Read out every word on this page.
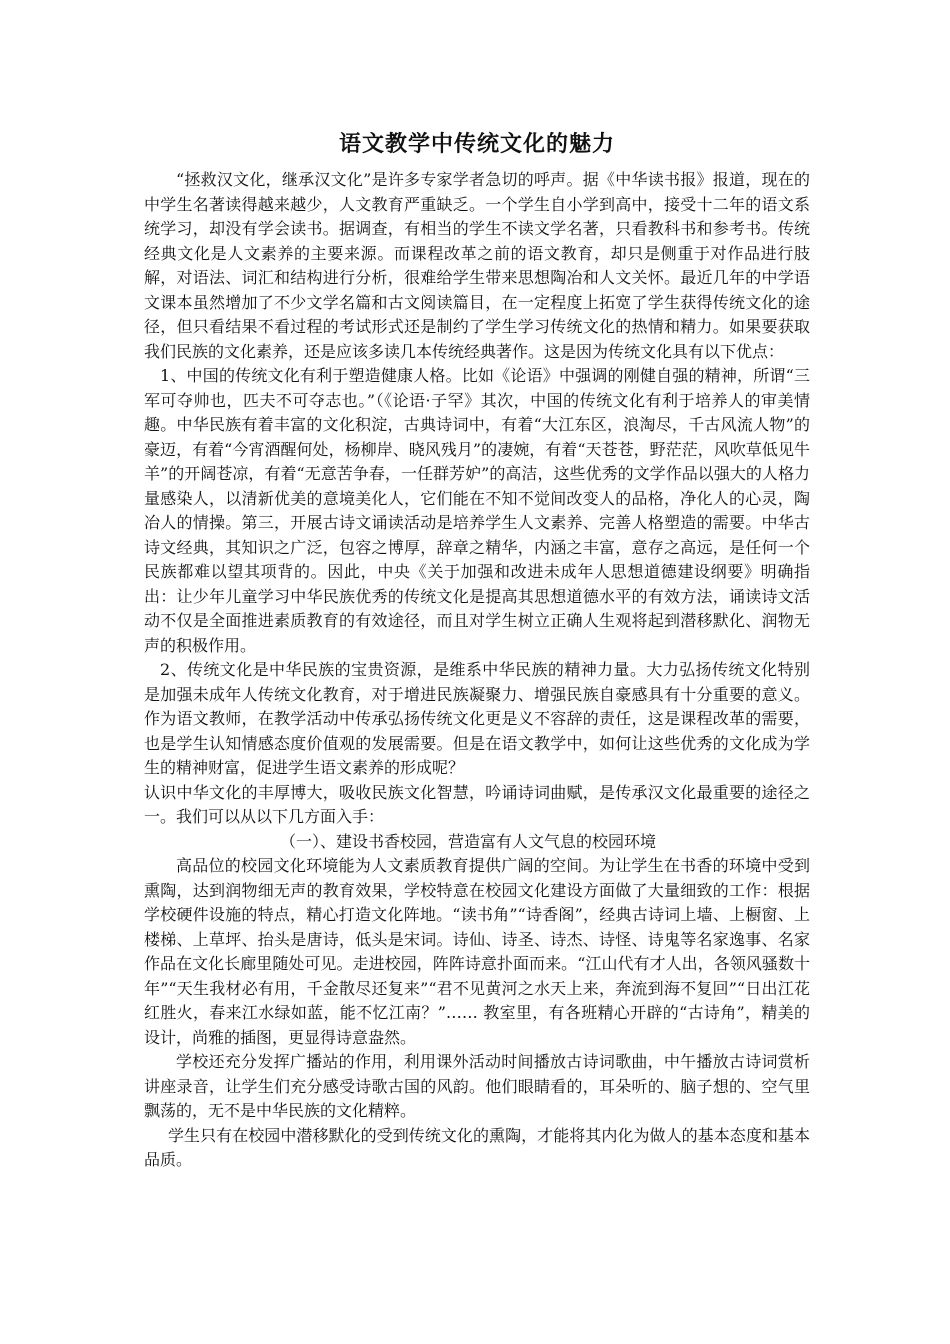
语文教学中传统文化的魅力

“拯救汉文化，继承汉文化”是许多专家学者急切的呼声。据《中华读书报》报道，现在的中学生名著读得越来越少，人文教育严重缺乏。一个学生自小学到高中，接受十二年的语文系统学习，却没有学会读书。据调查，有相当的学生不读文学名著，只看教科书和参考书。传统经典文化是人文素养的主要来源。而课程改革之前的语文教育，却只是侧重于对作品进行肢解，对语法、词汇和结构进行分析，很难给学生带来思想陶冶和人文关怀。最近几年的中学语文课本虽然增加了不少文学名篇和古文阅读篇目，在一定程度上拓宽了学生获得传统文化的途径，但只看结果不看过程的考试形式还是制约了学生学习传统文化的热情和精力。如果要获取我们民族的文化素养，还是应该多读几本传统经典著作。这是因为传统文化具有以下优点：

1、中国的传统文化有利于塑造健康人格。比如《论语》中强调的刚健自强的精神，所谓“三军可夺帅也，匹夫不可夺志也。”（《论语·子罕》其次，中国的传统文化有利于培养人的审美情趣。中华民族有着丰富的文化积淀，古典诗词中，有着“大江东区，浪淘尽，千古风流人物”的豪迈，有着“今宵酒醒何处，杨柳岸、晓风残月”的凄婉，有着“天苍苍，野茫茫，风吹草低见牛羊”的开阔苍凉，有着“无意苦争春，一任群芳妒”的高洁，这些优秀的文学作品以强大的人格力量感染人，以清新优美的意境美化人，它们能在不知不觉间改变人的品格，净化人的心灵，陶冶人的情操。第三，开展古诗文诵读活动是培养学生人文素养、完善人格塑造的需要。中华古诗文经典，其知识之广泛，包容之博厚，辞章之精华，内涵之丰富，意存之高远，是任何一个民族都难以望其项背的。因此，中央《关于加强和改进未成年人思想道德建设纲要》明确指出：让少年儿童学习中华民族优秀的传统文化是提高其思想道德水平的有效方法，诵读诗文活动不仅是全面推进素质教育的有效途径，而且对学生树立正确人生观将起到潜移默化、润物无声的积极作用。

2、传统文化是中华民族的宝贵资源，是维系中华民族的精神力量。大力弘扬传统文化特别是加强未成年人传统文化教育，对于增进民族凝聚力、增强民族自豪感具有十分重要的意义。作为语文教师，在教学活动中传承弘扬传统文化更是义不容辞的责任，这是课程改革的需要，也是学生认知情感态度价值观的发展需要。但是在语文教学中，如何让这些优秀的文化成为学生的精神财富，促进学生语文素养的形成呢？

认识中华文化的丰厚博大，吸收民族文化智慧，吟诵诗词曲赋，是传承汉文化最重要的途径之一。我们可以从以下几方面入手：

（一）、建设书香校园，营造富有人文气息的校园环境

高品位的校园文化环境能为人文素质教育提供广阔的空间。为让学生在书香的环境中受到熏陶，达到润物细无声的教育效果，学校特意在校园文化建设方面做了大量细致的工作：根据学校硬件设施的特点，精心打造文化阵地。“读书角”“诗香阁”，经典古诗词上墙、上橱窗、上楼梯、上草坪、抬头是唐诗，低头是宋词。诗仙、诗圣、诗杰、诗怪、诗鬼等名家逸事、名家作品在文化长廊里随处可见。走进校园，阵阵诗意扑面而来。“江山代有才人出，各领风骚数十年”“天生我材必有用，千金散尽还复来”“君不见黄河之水天上来，奔流到海不复回”“日出江花红胜火，春来江水绿如蓝，能不忆江南？”…… 教室里，有各班精心开辟的“古诗角”，精美的设计，尚雅的插图，更显得诗意盎然。

学校还充分发挥广播站的作用，利用课外活动时间播放古诗词歌曲，中午播放古诗词赏析讲座录音，让学生们充分感受诗歌古国的风韵。他们眼睛看的，耳朵听的、脑子想的、空气里飘荡的，无不是中华民族的文化精粹。

学生只有在校园中潜移默化的受到传统文化的熏陶，才能将其内化为做人的基本态度和基本品质。
